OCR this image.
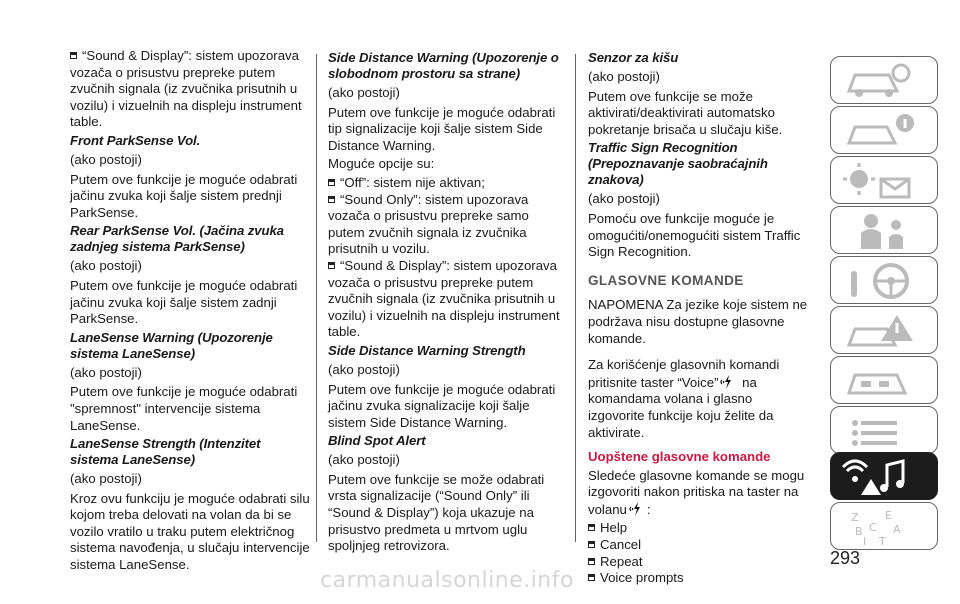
“Sound & Display”: sistem upozorava vozača o prisustvu prepreke putem zvučnih signala (iz zvučnika prisutnih u vozilu) i vizuelnih na displeju instrument table.

Front ParkSense Vol.

(ako postoji)

Putem ove funkcije je moguće odabrati jačinu zvuka koji šalje sistem prednji ParkSense.

Rear ParkSense Vol. (Jačina zvuka zadnjeg sistema ParkSense)

(ako postoji)

Putem ove funkcije je moguće odabrati jačinu zvuka koji šalje sistem zadnji ParkSense.

LaneSense Warning (Upozorenje sistema LaneSense)

(ako postoji)

Putem ove funkcije je moguće odabrati "spremnost" intervencije sistema LaneSense.

LaneSense Strength (Intenzitet sistema LaneSense)

(ako postoji)

Kroz ovu funkciju je moguće odabrati silu kojom treba delovati na volan da bi se vozilo vratilo u traku putem električnog sistema navođenja, u slučaju intervencije sistema LaneSense.

Side Distance Warning (Upozorenje o slobodnom prostoru sa strane)

(ako postoji)

Putem ove funkcije je moguće odabrati tip signalizacije koji šalje sistem Side Distance Warning.

Moguće opcije su:

“Off”: sistem nije aktivan;

“Sound Only”: sistem upozorava vozača o prisustvu prepreke samo putem zvučnih signala iz zvučnika prisutnih u vozilu.

“Sound & Display”: sistem upozorava vozača o prisustvu prepreke putem zvučnih signala (iz zvučnika prisutnih u vozilu) i vizuelnih na displeju instrument table.

Side Distance Warning Strength

(ako postoji)

Putem ove funkcije je moguće odabrati jačinu zvuka signalizacije koji šalje sistem Side Distance Warning.

Blind Spot Alert

(ako postoji)

Putem ove funkcije se može odabrati vrsta signalizacije (“Sound Only” ili “Sound & Display”) koja ukazuje na prisustvo predmeta u mrtvom uglu spoljnjeg retrovizora.

Senzor za kišu

(ako postoji)

Putem ove funkcije se može aktivirati/deaktivirati automatsko pokretanje brisača u slučaju kiše.

Traffic Sign Recognition (Prepoznavanje saobraćajnih znakova)

(ako postoji)

Pomoću ove funkcije moguće je omogućiti/onemogućiti sistem Traffic Sign Recognition.

GLASOVNE KOMANDE

NAPOMENA Za jezike koje sistem ne podržava nisu dostupne glasovne komande.

Za korišćenje glasovnih komandi pritisnite taster “Voice” na komandama volana i glasno izgovorite funkcije koju želite da aktivirate.

Uopštene glasovne komande

Sledeće glasovne komande se mogu izgovoriti nakon pritiska na taster na volanu :

Help

Cancel

Repeat

Voice prompts

Z E
B C A
I T
293
carmanualsonline.info
